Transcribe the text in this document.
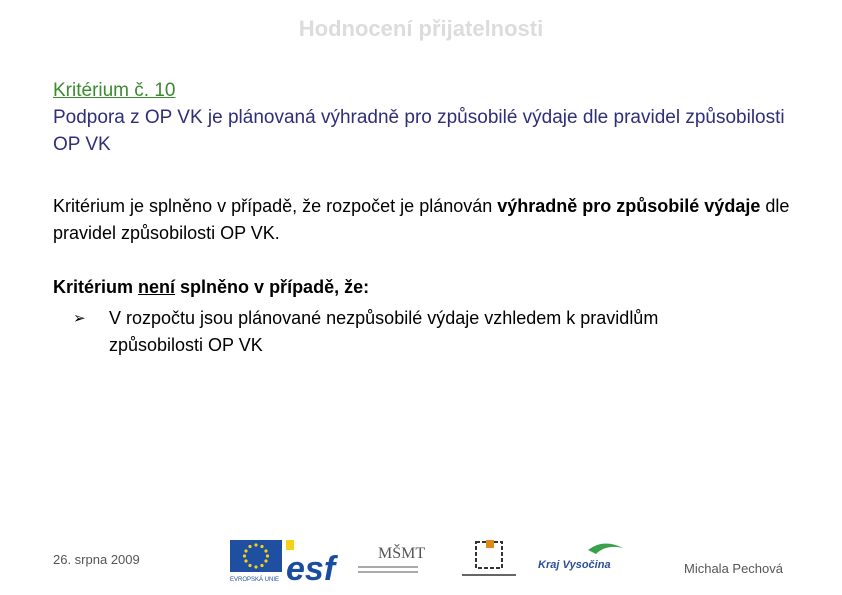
Hodnocení přijatelnosti
Kritérium č. 10
Podpora z OP VK je plánovaná výhradně pro způsobilé výdaje dle pravidel způsobilosti OP VK
Kritérium je splněno v případě, že rozpočet je plánován výhradně pro způsobilé výdaje dle pravidel způsobilosti OP VK.
Kritérium není splněno v případě, že:
➢	V rozpočtu jsou plánované nezpůsobilé výdaje vzhledem k pravidlům způsobilosti OP VK
26. srpna 2009
EVROPSKÁ UNIE esf	MŠMT
Kraj Vysočina	Michala Pechová
